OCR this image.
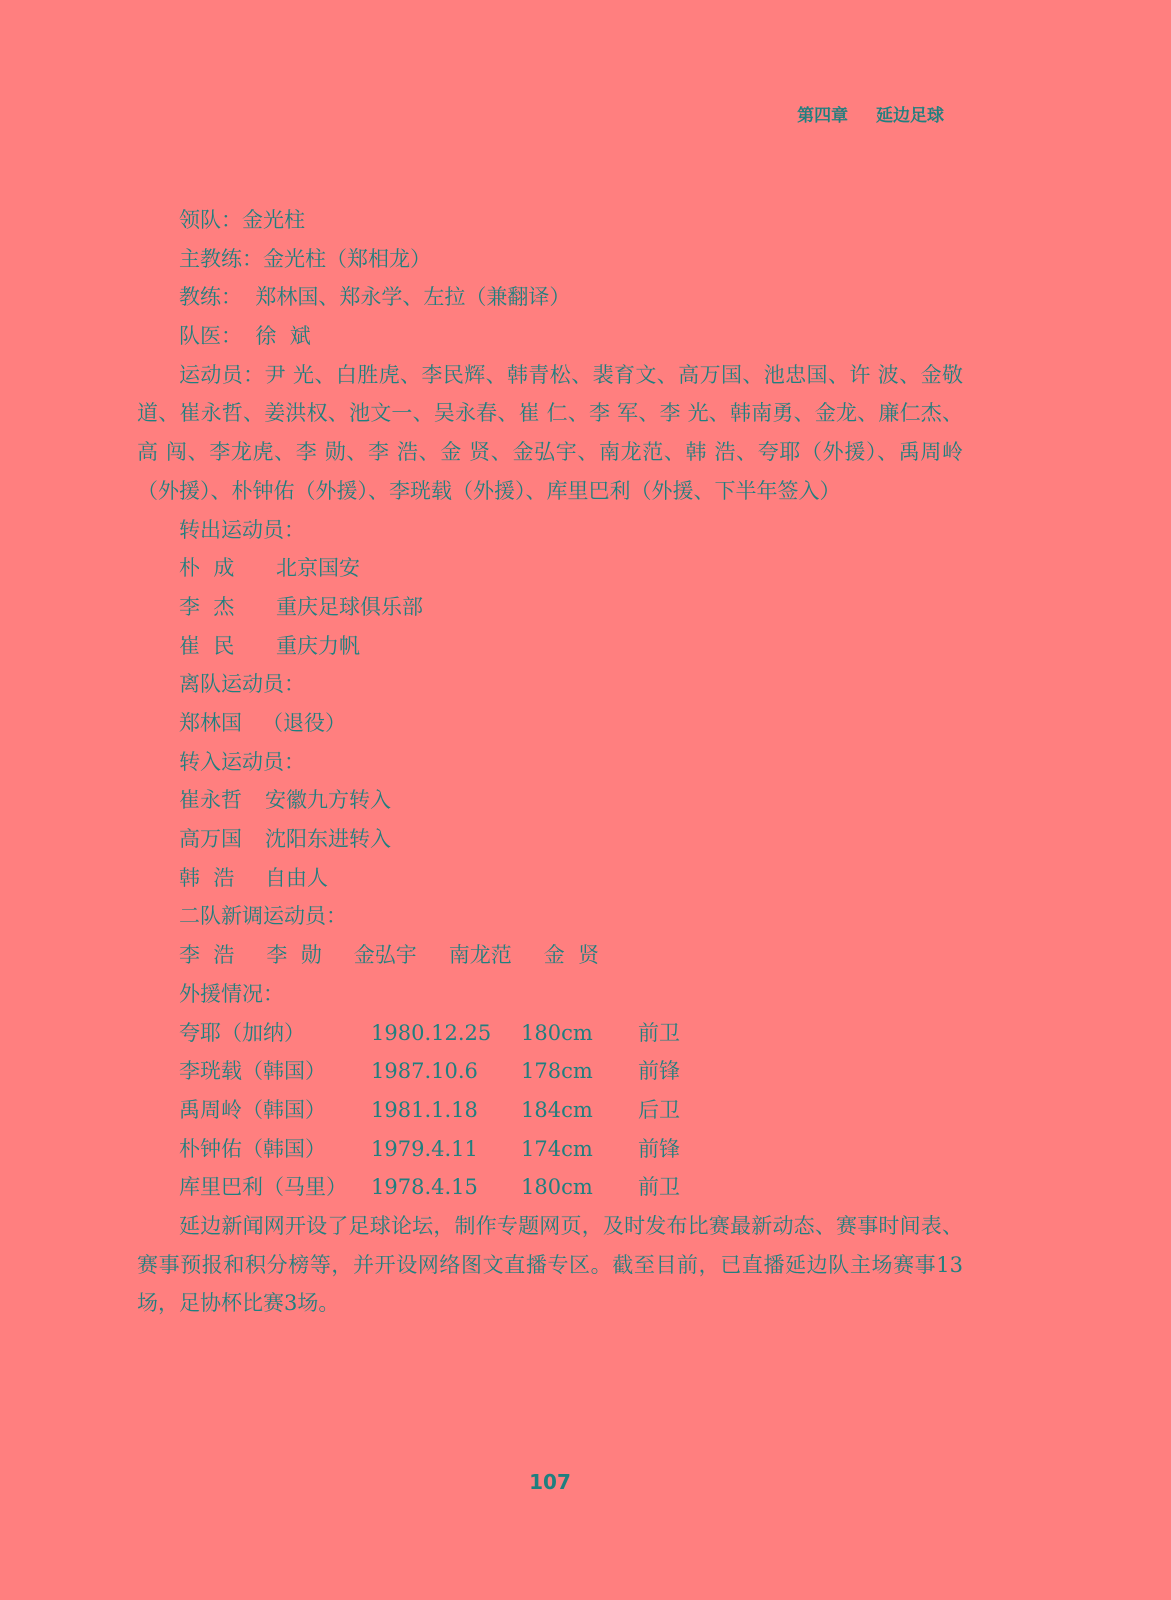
第四章 延边足球
领队：金光柱
主教练：金光柱（郑相龙）
教练：  郑林国、郑永学、左拉（兼翻译）
队医：  徐  斌
运动员：尹 光、白胜虎、李民辉、韩青松、裴育文、高万国、池忠国、许 波、金敬道、崔永哲、姜洪权、池文一、吴永春、崔 仁、李 军、李 光、韩南勇、金龙、廉仁杰、高 闯、李龙虎、李 勋、李 浩、金 贤、金弘宇、南龙范、韩 浩、夸耶（外援）、禹周岭（外援）、朴钟佑（外援）、李珖载（外援）、库里巴利（外援、下半年签入）
转出运动员：
朴  成	北京国安
李  杰	重庆足球俱乐部
崔  民	重庆力帆
离队运动员：
郑林国   （退役）
转入运动员：
崔永哲	安徽九方转入
高万国	沈阳东进转入
韩  浩	自由人
二队新调运动员：
李  浩 李  勋 金弘宇 南龙范 金  贤
外援情况：
夸耶（加纳）	1980.12.25	180cm	前卫
李珖载（韩国）	1987.10.6	178cm	前锋
禹周岭（韩国）	1981.1.18	184cm	后卫
朴钟佑（韩国）	1979.4.11	174cm	前锋
库里巴利（马里）	1978.4.15	180cm	前卫
延边新闻网开设了足球论坛，制作专题网页，及时发布比赛最新动态、赛事时间表、赛事预报和积分榜等，并开设网络图文直播专区。截至目前，已直播延边队主场赛事13场，足协杯比赛3场。
107
